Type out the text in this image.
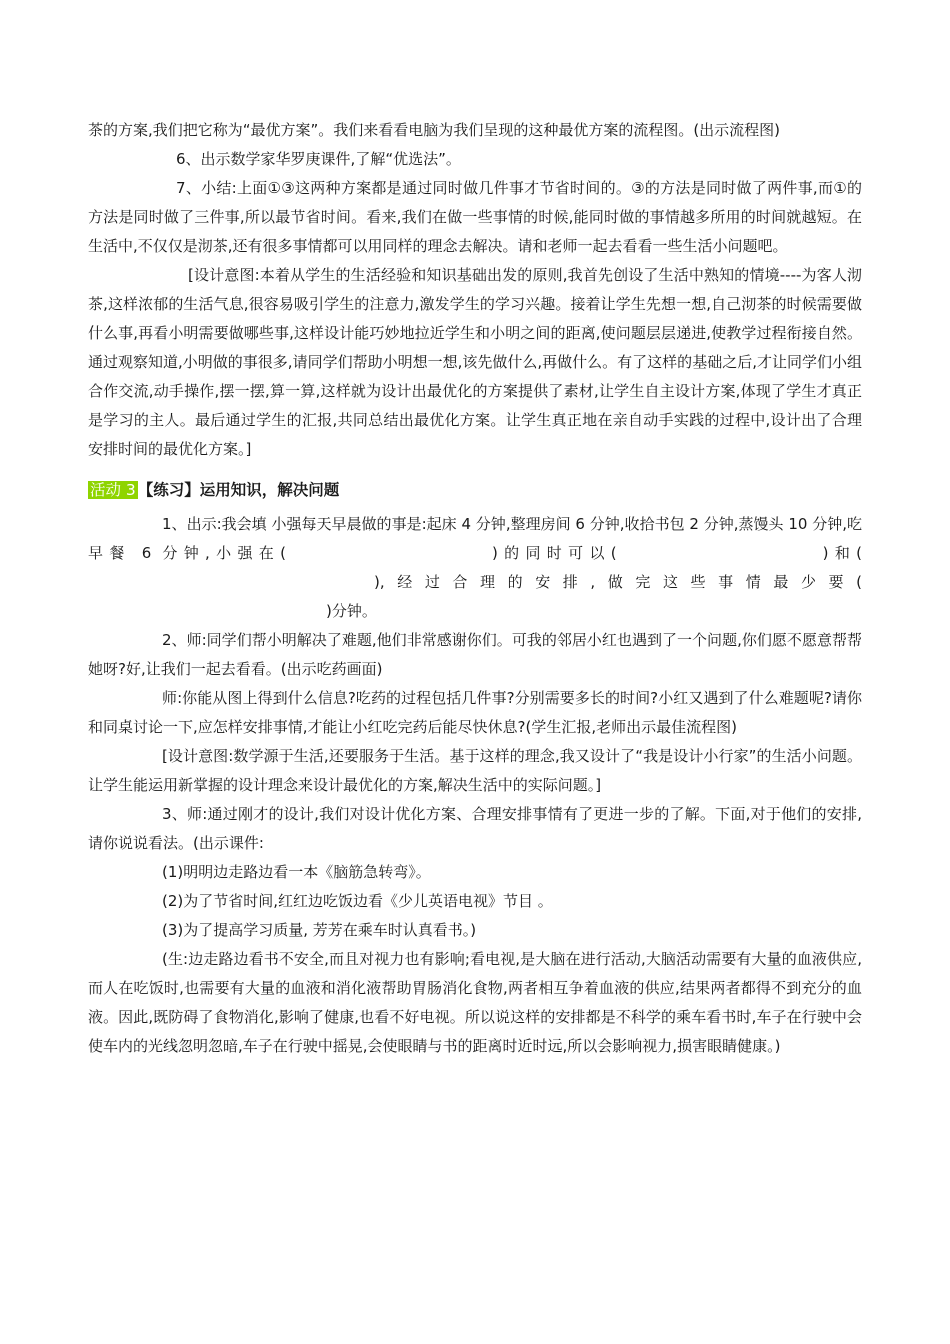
茶的方案,我们把它称为“最优方案”。我们来看看电脑为我们呈现的这种最优方案的流程图。(出示流程图)

6、出示数学家华罗庚课件,了解“优选法”。

7、小结:上面①③这两种方案都是通过同时做几件事才节省时间的。③的方法是同时做了两件事,而①的方法是同时做了三件事,所以最节省时间。看来,我们在做一些事情的时候,能同时做的事情越多所用的时间就越短。在生活中,不仅仅是沏茶,还有很多事情都可以用同样的理念去解决。请和老师一起去看看一些生活小问题吧。

[设计意图:本着从学生的生活经验和知识基础出发的原则,我首先创设了生活中熟知的情境----为客人沏茶,这样浓郁的生活气息,很容易吸引学生的注意力,激发学生的学习兴趣。接着让学生先想一想,自己沏茶的时候需要做什么事,再看小明需要做哪些事,这样设计能巧妙地拉近学生和小明之间的距离,使问题层层递进,使教学过程衔接自然。通过观察知道,小明做的事很多,请同学们帮助小明想一想,该先做什么,再做什么。有了这样的基础之后,才让同学们小组合作交流,动手操作,摆一摆,算一算,这样就为设计出最优化的方案提供了素材,让学生自主设计方案,体现了学生才真正是学习的主人。最后通过学生的汇报,共同总结出最优化方案。让学生真正地在亲自动手实践的过程中,设计出了合理安排时间的最优化方案。]

活动 3 【练习】运用知识，解决问题

1、出示:我会填 小强每天早晨做的事是:起床 4 分钟,整理房间 6 分钟,收拾书包 2 分钟,蒸馒头 10 分钟,吃早餐 6 分钟,小强在(	)的同时可以(	)和(),经过合理的安排,做完这些事情最少要()分钟。

2、师:同学们帮小明解决了难题,他们非常感谢你们。可我的邻居小红也遇到了一个问题,你们愿不愿意帮帮她呀?好,让我们一起去看看。(出示吃药画面)

师:你能从图上得到什么信息?吃药的过程包括几件事?分别需要多长的时间?小红又遇到了什么难题呢?请你和同桌讨论一下,应怎样安排事情,才能让小红吃完药后能尽快休息?(学生汇报,老师出示最佳流程图)

[设计意图:数学源于生活,还要服务于生活。基于这样的理念,我又设计了“我是设计小行家”的生活小问题。让学生能运用新掌握的设计理念来设计最优化的方案,解决生活中的实际问题。]

3、师:通过刚才的设计,我们对设计优化方案、合理安排事情有了更进一步的了解。下面,对于他们的安排,请你说说看法。(出示课件:

(1)明明边走路边看一本《脑筋急转弯》。

(2)为了节省时间,红红边吃饭边看《少儿英语电视》节目 。

(3)为了提高学习质量, 芳芳在乘车时认真看书。)

(生:边走路边看书不安全,而且对视力也有影响;看电视,是大脑在进行活动,大脑活动需要有大量的血液供应,而人在吃饭时,也需要有大量的血液和消化液帮助胃肠消化食物,两者相互争着血液的供应,结果两者都得不到充分的血液。因此,既防碍了食物消化,影响了健康,也看不好电视。所以说这样的安排都是不科学的乘车看书时,车子在行驶中会使车内的光线忽明忽暗,车子在行驶中摇晃,会使眼睛与书的距离时近时远,所以会影响视力,损害眼睛健康。)
